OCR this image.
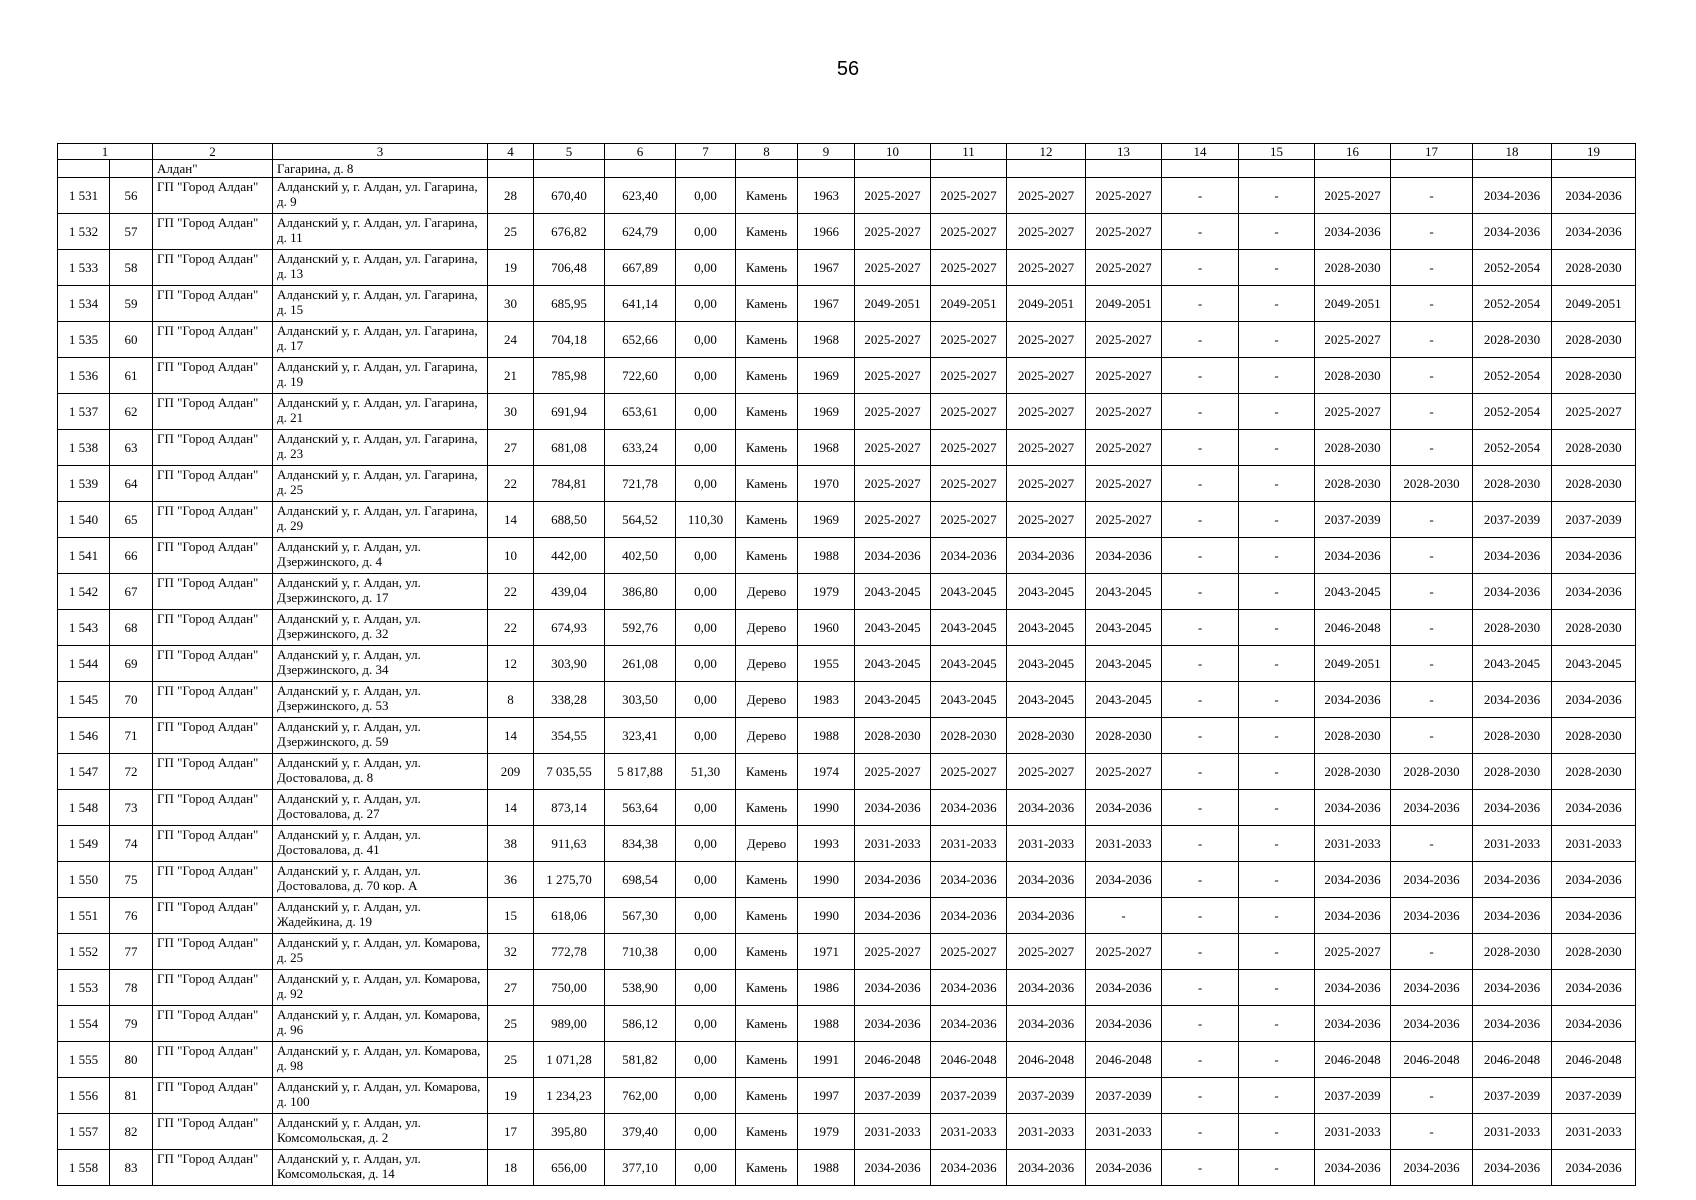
56
1		2	3	4	5	6	7	8	9	10	11	12	13	14	15	16	17	18	19
		Алдан"	Гагарина, д. 8																
1 531	56	ГП "Город Алдан"	Алданский у, г. Алдан, ул. Гагарина, д. 9	28	670,40	623,40	0,00	Камень	1963	2025-2027	2025-2027	2025-2027	2025-2027	-	-	2025-2027	-	2034-2036	2034-2036
1 532	57	ГП "Город Алдан"	Алданский у, г. Алдан, ул. Гагарина, д. 11	25	676,82	624,79	0,00	Камень	1966	2025-2027	2025-2027	2025-2027	2025-2027	-	-	2034-2036	-	2034-2036	2034-2036
1 533	58	ГП "Город Алдан"	Алданский у, г. Алдан, ул. Гагарина, д. 13	19	706,48	667,89	0,00	Камень	1967	2025-2027	2025-2027	2025-2027	2025-2027	-	-	2028-2030	-	2052-2054	2028-2030
1 534	59	ГП "Город Алдан"	Алданский у, г. Алдан, ул. Гагарина, д. 15	30	685,95	641,14	0,00	Камень	1967	2049-2051	2049-2051	2049-2051	2049-2051	-	-	2049-2051	-	2052-2054	2049-2051
1 535	60	ГП "Город Алдан"	Алданский у, г. Алдан, ул. Гагарина, д. 17	24	704,18	652,66	0,00	Камень	1968	2025-2027	2025-2027	2025-2027	2025-2027	-	-	2025-2027	-	2028-2030	2028-2030
1 536	61	ГП "Город Алдан"	Алданский у, г. Алдан, ул. Гагарина, д. 19	21	785,98	722,60	0,00	Камень	1969	2025-2027	2025-2027	2025-2027	2025-2027	-	-	2028-2030	-	2052-2054	2028-2030
1 537	62	ГП "Город Алдан"	Алданский у, г. Алдан, ул. Гагарина, д. 21	30	691,94	653,61	0,00	Камень	1969	2025-2027	2025-2027	2025-2027	2025-2027	-	-	2025-2027	-	2052-2054	2025-2027
1 538	63	ГП "Город Алдан"	Алданский у, г. Алдан, ул. Гагарина, д. 23	27	681,08	633,24	0,00	Камень	1968	2025-2027	2025-2027	2025-2027	2025-2027	-	-	2028-2030	-	2052-2054	2028-2030
1 539	64	ГП "Город Алдан"	Алданский у, г. Алдан, ул. Гагарина, д. 25	22	784,81	721,78	0,00	Камень	1970	2025-2027	2025-2027	2025-2027	2025-2027	-	-	2028-2030	2028-2030	2028-2030	2028-2030
1 540	65	ГП "Город Алдан"	Алданский у, г. Алдан, ул. Гагарина, д. 29	14	688,50	564,52	110,30	Камень	1969	2025-2027	2025-2027	2025-2027	2025-2027	-	-	2037-2039	-	2037-2039	2037-2039
1 541	66	ГП "Город Алдан"	Алданский у, г. Алдан, ул. Дзержинского, д. 4	10	442,00	402,50	0,00	Камень	1988	2034-2036	2034-2036	2034-2036	2034-2036	-	-	2034-2036	-	2034-2036	2034-2036
1 542	67	ГП "Город Алдан"	Алданский у, г. Алдан, ул. Дзержинского, д. 17	22	439,04	386,80	0,00	Дерево	1979	2043-2045	2043-2045	2043-2045	2043-2045	-	-	2043-2045	-	2034-2036	2034-2036
1 543	68	ГП "Город Алдан"	Алданский у, г. Алдан, ул. Дзержинского, д. 32	22	674,93	592,76	0,00	Дерево	1960	2043-2045	2043-2045	2043-2045	2043-2045	-	-	2046-2048	-	2028-2030	2028-2030
1 544	69	ГП "Город Алдан"	Алданский у, г. Алдан, ул. Дзержинского, д. 34	12	303,90	261,08	0,00	Дерево	1955	2043-2045	2043-2045	2043-2045	2043-2045	-	-	2049-2051	-	2043-2045	2043-2045
1 545	70	ГП "Город Алдан"	Алданский у, г. Алдан, ул. Дзержинского, д. 53	8	338,28	303,50	0,00	Дерево	1983	2043-2045	2043-2045	2043-2045	2043-2045	-	-	2034-2036	-	2034-2036	2034-2036
1 546	71	ГП "Город Алдан"	Алданский у, г. Алдан, ул. Дзержинского, д. 59	14	354,55	323,41	0,00	Дерево	1988	2028-2030	2028-2030	2028-2030	2028-2030	-	-	2028-2030	-	2028-2030	2028-2030
1 547	72	ГП "Город Алдан"	Алданский у, г. Алдан, ул. Достовалова, д. 8	209	7 035,55	5 817,88	51,30	Камень	1974	2025-2027	2025-2027	2025-2027	2025-2027	-	-	2028-2030	2028-2030	2028-2030	2028-2030
1 548	73	ГП "Город Алдан"	Алданский у, г. Алдан, ул. Достовалова, д. 27	14	873,14	563,64	0,00	Камень	1990	2034-2036	2034-2036	2034-2036	2034-2036	-	-	2034-2036	2034-2036	2034-2036	2034-2036
1 549	74	ГП "Город Алдан"	Алданский у, г. Алдан, ул. Достовалова, д. 41	38	911,63	834,38	0,00	Дерево	1993	2031-2033	2031-2033	2031-2033	2031-2033	-	-	2031-2033	-	2031-2033	2031-2033
1 550	75	ГП "Город Алдан"	Алданский у, г. Алдан, ул. Достовалова, д. 70 кор. А	36	1 275,70	698,54	0,00	Камень	1990	2034-2036	2034-2036	2034-2036	2034-2036	-	-	2034-2036	2034-2036	2034-2036	2034-2036
1 551	76	ГП "Город Алдан"	Алданский у, г. Алдан, ул. Жадейкина, д. 19	15	618,06	567,30	0,00	Камень	1990	2034-2036	2034-2036	2034-2036	-	-	-	2034-2036	2034-2036	2034-2036	2034-2036
1 552	77	ГП "Город Алдан"	Алданский у, г. Алдан, ул. Комарова, д. 25	32	772,78	710,38	0,00	Камень	1971	2025-2027	2025-2027	2025-2027	2025-2027	-	-	2025-2027	-	2028-2030	2028-2030
1 553	78	ГП "Город Алдан"	Алданский у, г. Алдан, ул. Комарова, д. 92	27	750,00	538,90	0,00	Камень	1986	2034-2036	2034-2036	2034-2036	2034-2036	-	-	2034-2036	2034-2036	2034-2036	2034-2036
1 554	79	ГП "Город Алдан"	Алданский у, г. Алдан, ул. Комарова, д. 96	25	989,00	586,12	0,00	Камень	1988	2034-2036	2034-2036	2034-2036	2034-2036	-	-	2034-2036	2034-2036	2034-2036	2034-2036
1 555	80	ГП "Город Алдан"	Алданский у, г. Алдан, ул. Комарова, д. 98	25	1 071,28	581,82	0,00	Камень	1991	2046-2048	2046-2048	2046-2048	2046-2048	-	-	2046-2048	2046-2048	2046-2048	2046-2048
1 556	81	ГП "Город Алдан"	Алданский у, г. Алдан, ул. Комарова, д. 100	19	1 234,23	762,00	0,00	Камень	1997	2037-2039	2037-2039	2037-2039	2037-2039	-	-	2037-2039	-	2037-2039	2037-2039
1 557	82	ГП "Город Алдан"	Алданский у, г. Алдан, ул. Комсомольская, д. 2	17	395,80	379,40	0,00	Камень	1979	2031-2033	2031-2033	2031-2033	2031-2033	-	-	2031-2033	-	2031-2033	2031-2033
1 558	83	ГП "Город Алдан"	Алданский у, г. Алдан, ул. Комсомольская, д. 14	18	656,00	377,10	0,00	Камень	1988	2034-2036	2034-2036	2034-2036	2034-2036	-	-	2034-2036	2034-2036	2034-2036	2034-2036
